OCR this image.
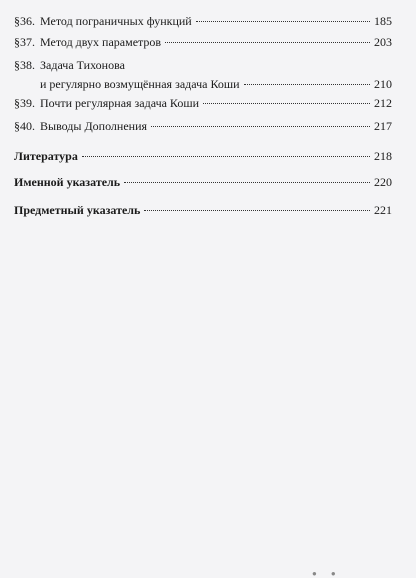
§36. Метод пограничных функций	185
§37. Метод двух параметров	203
§38. Задача Тихонова
и регулярно возмущённая задача Коши	210
§39. Почти регулярная задача Коши	212
§40. Выводы Дополнения	217
Литература	218
Именной указатель	220
Предметный указатель	221
● ●
